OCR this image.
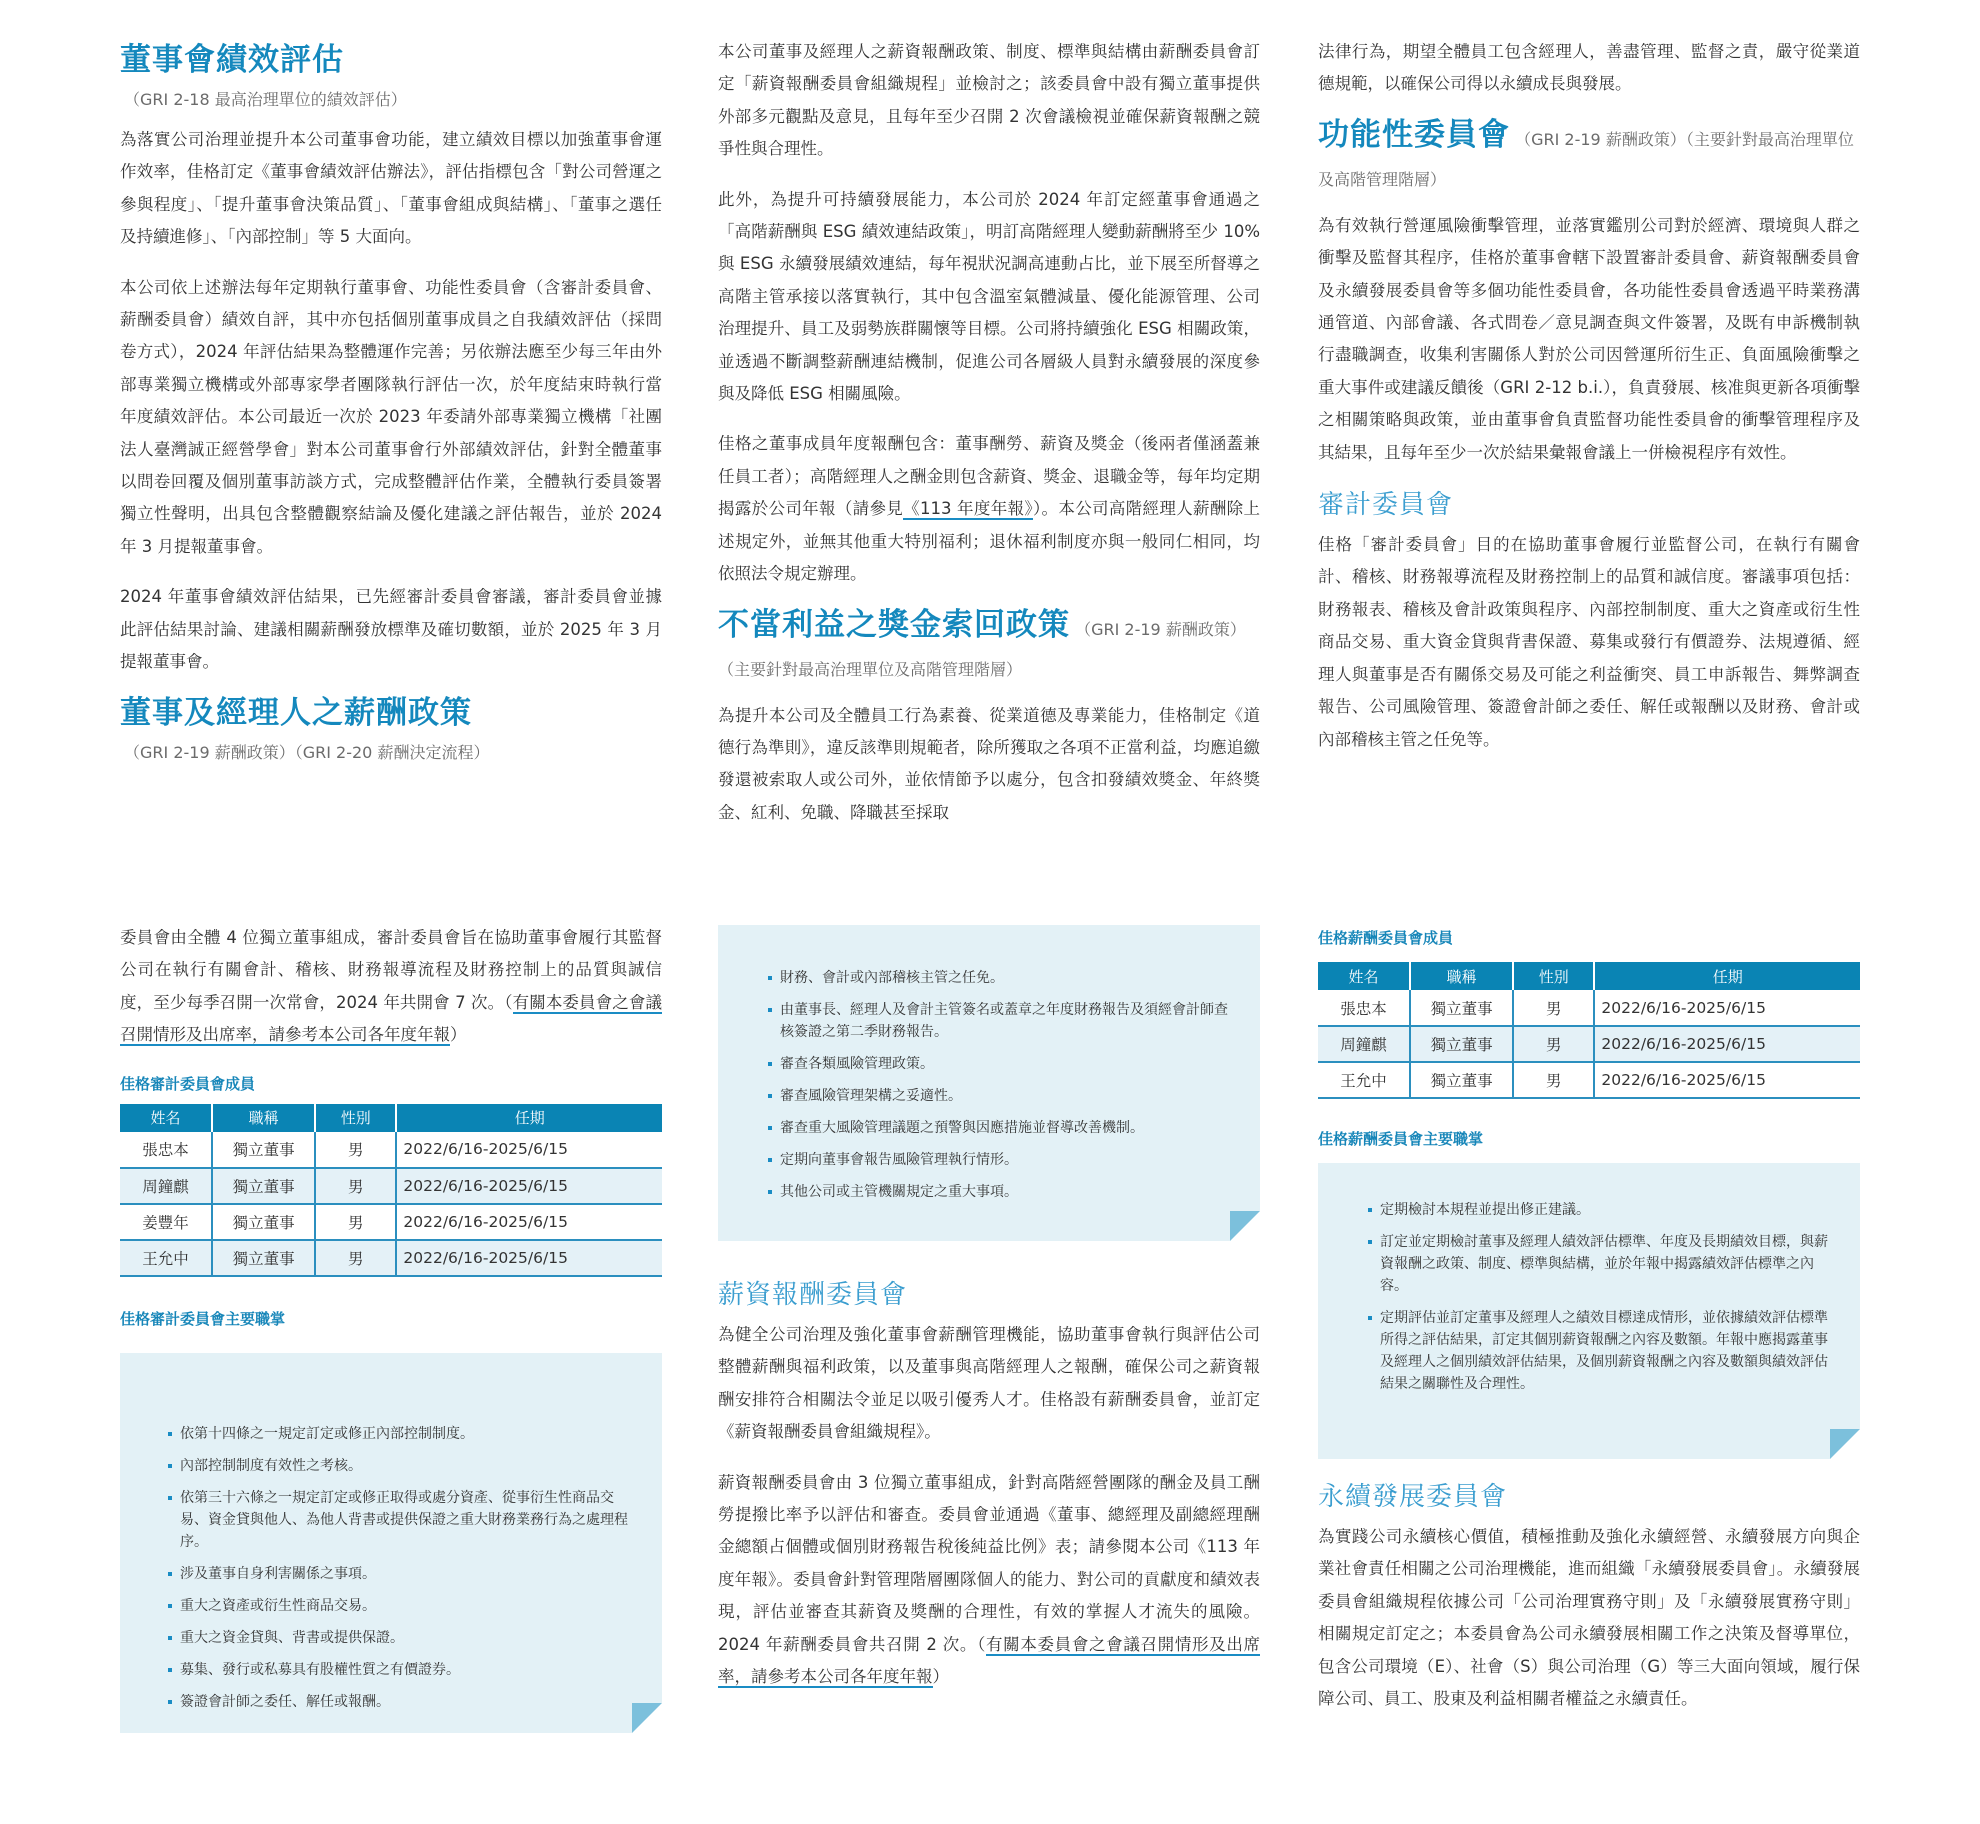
董事會績效評估
（GRI 2-18 最高治理單位的績效評估）

為落實公司治理並提升本公司董事會功能，建立績效目標以加強董事會運作效率，佳格訂定《董事會績效評估辦法》，評估指標包含「對公司營運之參與程度」、「提升董事會決策品質」、「董事會組成與結構」、「董事之選任及持續進修」、「內部控制」等 5 大面向。

本公司依上述辦法每年定期執行董事會、功能性委員會（含審計委員會、薪酬委員會）績效自評，其中亦包括個別董事成員之自我績效評估（採問卷方式），2024 年評估結果為整體運作完善；另依辦法應至少每三年由外部專業獨立機構或外部專家學者團隊執行評估一次，於年度結束時執行當年度績效評估。本公司最近一次於 2023 年委請外部專業獨立機構「社團法人臺灣誠正經營學會」對本公司董事會行外部績效評估，針對全體董事以問卷回覆及個別董事訪談方式，完成整體評估作業，全體執行委員簽署獨立性聲明，出具包含整體觀察結論及優化建議之評估報告，並於 2024 年 3 月提報董事會。

2024 年董事會績效評估結果，已先經審計委員會審議，審計委員會並據此評估結果討論、建議相關薪酬發放標準及確切數額，並於 2025 年 3 月提報董事會。

董事及經理人之薪酬政策
（GRI 2-19 薪酬政策）（GRI 2-20 薪酬決定流程）

本公司董事及經理人之薪資報酬政策、制度、標準與結構由薪酬委員會訂定「薪資報酬委員會組織規程」並檢討之；該委員會中設有獨立董事提供外部多元觀點及意見，且每年至少召開 2 次會議檢視並確保薪資報酬之競爭性與合理性。

此外，為提升可持續發展能力，本公司於 2024 年訂定經董事會通過之「高階薪酬與 ESG 績效連結政策」，明訂高階經理人變動薪酬將至少 10% 與 ESG 永續發展績效連結，每年視狀況調高連動占比，並下展至所督導之高階主管承接以落實執行，其中包含溫室氣體減量、優化能源管理、公司治理提升、員工及弱勢族群關懷等目標。公司將持續強化 ESG 相關政策，並透過不斷調整薪酬連結機制，促進公司各層級人員對永續發展的深度參與及降低 ESG 相關風險。

佳格之董事成員年度報酬包含：董事酬勞、薪資及獎金（後兩者僅涵蓋兼任員工者）；高階經理人之酬金則包含薪資、獎金、退職金等，每年均定期揭露於公司年報（請參見《113 年度年報》）。本公司高階經理人薪酬除上述規定外，並無其他重大特別福利；退休福利制度亦與一般同仁相同，均依照法令規定辦理。

不當利益之獎金索回政策 （GRI 2-19 薪酬政策）（主要針對最高治理單位及高階管理階層）

為提升本公司及全體員工行為素養、從業道德及專業能力，佳格制定《道德行為準則》，違反該準則規範者，除所獲取之各項不正當利益，均應追繳發還被索取人或公司外，並依情節予以處分，包含扣發績效獎金、年終獎金、紅利、免職、降職甚至採取

法律行為，期望全體員工包含經理人，善盡管理、監督之責，嚴守從業道德規範，以確保公司得以永續成長與發展。

功能性委員會 （GRI 2-19 薪酬政策）（主要針對最高治理單位及高階管理階層）

為有效執行營運風險衝擊管理，並落實鑑別公司對於經濟、環境與人群之衝擊及監督其程序，佳格於董事會轄下設置審計委員會、薪資報酬委員會及永續發展委員會等多個功能性委員會，各功能性委員會透過平時業務溝通管道、內部會議、各式問卷／意見調查與文件簽署，及既有申訴機制執行盡職調查，收集利害關係人對於公司因營運所衍生正、負面風險衝擊之重大事件或建議反饋後（GRI 2-12 b.i.），負責發展、核准與更新各項衝擊之相關策略與政策，並由董事會負責監督功能性委員會的衝擊管理程序及其結果，且每年至少一次於結果彙報會議上一併檢視程序有效性。

審計委員會

佳格「審計委員會」目的在協助董事會履行並監督公司，在執行有關會計、稽核、財務報導流程及財務控制上的品質和誠信度。審議事項包括：財務報表、稽核及會計政策與程序、內部控制制度、重大之資產或衍生性商品交易、重大資金貸與背書保證、募集或發行有價證券、法規遵循、經理人與董事是否有關係交易及可能之利益衝突、員工申訴報告、舞弊調查報告、公司風險管理、簽證會計師之委任、解任或報酬以及財務、會計或內部稽核主管之任免等。

委員會由全體 4 位獨立董事組成，審計委員會旨在協助董事會履行其監督公司在執行有關會計、稽核、財務報導流程及財務控制上的品質與誠信度，至少每季召開一次常會，2024 年共開會 7 次。（有關本委員會之會議召開情形及出席率，請參考本公司各年度年報）

佳格審計委員會成員
姓名	職稱	性別	任期
張忠本	獨立董事	男	2022/6/16-2025/6/15
周鐘麒	獨立董事	男	2022/6/16-2025/6/15
姜豐年	獨立董事	男	2022/6/16-2025/6/15
王允中	獨立董事	男	2022/6/16-2025/6/15
佳格審計委員會主要職掌
依第十四條之一規定訂定或修正內部控制制度。
內部控制制度有效性之考核。
依第三十六條之一規定訂定或修正取得或處分資產、從事衍生性商品交易、資金貸與他人、為他人背書或提供保證之重大財務業務行為之處理程序。
涉及董事自身利害關係之事項。
重大之資產或衍生性商品交易。
重大之資金貸與、背書或提供保證。
募集、發行或私募具有股權性質之有價證券。
簽證會計師之委任、解任或報酬。
財務、會計或內部稽核主管之任免。
由董事長、經理人及會計主管簽名或蓋章之年度財務報告及須經會計師查核簽證之第二季財務報告。
審查各類風險管理政策。
審查風險管理架構之妥適性。
審查重大風險管理議題之預警與因應措施並督導改善機制。
定期向董事會報告風險管理執行情形。
其他公司或主管機關規定之重大事項。
薪資報酬委員會

為健全公司治理及強化董事會薪酬管理機能，協助董事會執行與評估公司整體薪酬與福利政策，以及董事與高階經理人之報酬，確保公司之薪資報酬安排符合相關法令並足以吸引優秀人才。佳格設有薪酬委員會，並訂定《薪資報酬委員會組織規程》。

薪資報酬委員會由 3 位獨立董事組成，針對高階經營團隊的酬金及員工酬勞提撥比率予以評估和審查。委員會並通過《董事、總經理及副總經理酬金總額占個體或個別財務報告稅後純益比例》表；請參閱本公司《113 年度年報》。委員會針對管理階層團隊個人的能力、對公司的貢獻度和績效表現，評估並審查其薪資及獎酬的合理性，有效的掌握人才流失的風險。2024 年薪酬委員會共召開 2 次。（有關本委員會之會議召開情形及出席率，請參考本公司各年度年報）

佳格薪酬委員會成員
姓名	職稱	性別	任期
張忠本	獨立董事	男	2022/6/16-2025/6/15
周鐘麒	獨立董事	男	2022/6/16-2025/6/15
王允中	獨立董事	男	2022/6/16-2025/6/15
佳格薪酬委員會主要職掌
定期檢討本規程並提出修正建議。
訂定並定期檢討董事及經理人績效評估標準、年度及長期績效目標，與薪資報酬之政策、制度、標準與結構，並於年報中揭露績效評估標準之內容。
定期評估並訂定董事及經理人之績效目標達成情形，並依據績效評估標準所得之評估結果，訂定其個別薪資報酬之內容及數額。年報中應揭露董事及經理人之個別績效評估結果，及個別薪資報酬之內容及數額與績效評估結果之關聯性及合理性。
永續發展委員會

為實踐公司永續核心價值，積極推動及強化永續經營、永續發展方向與企業社會責任相關之公司治理機能，進而組織「永續發展委員會」。永續發展委員會組織規程依據公司「公司治理實務守則」及「永續發展實務守則」相關規定訂定之；本委員會為公司永續發展相關工作之決策及督導單位，包含公司環境（E）、社會（S）與公司治理（G）等三大面向領域，履行保障公司、員工、股東及利益相關者權益之永續責任。
